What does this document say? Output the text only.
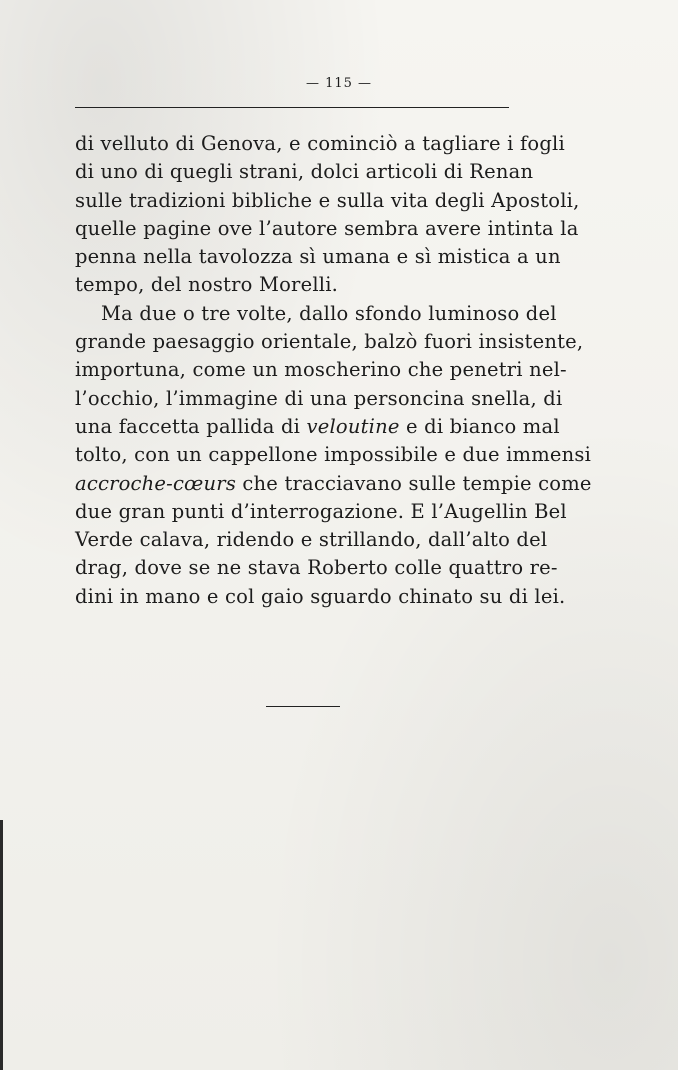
— 115 —

di velluto di Genova, e cominciò a tagliare i fogli
di uno di quegli strani, dolci articoli di Renan
sulle tradizioni bibliche e sulla vita degli Apostoli,
quelle pagine ove l’autore sembra avere intinta la
penna nella tavolozza sì umana e sì mistica a un
tempo, del nostro Morelli.

Ma due o tre volte, dallo sfondo luminoso del
grande paesaggio orientale, balzò fuori insistente,
importuna, come un moscherino che penetri nel-
l’occhio, l’immagine di una personcina snella, di
una faccetta pallida di veloutine e di bianco mal
tolto, con un cappellone impossibile e due immensi
accroche-cœurs che tracciavano sulle tempie come
due gran punti d’interrogazione. E l’Augellin Bel
Verde calava, ridendo e strillando, dall’alto del
drag, dove se ne stava Roberto colle quattro re-
dini in mano e col gaio sguardo chinato su di lei.
